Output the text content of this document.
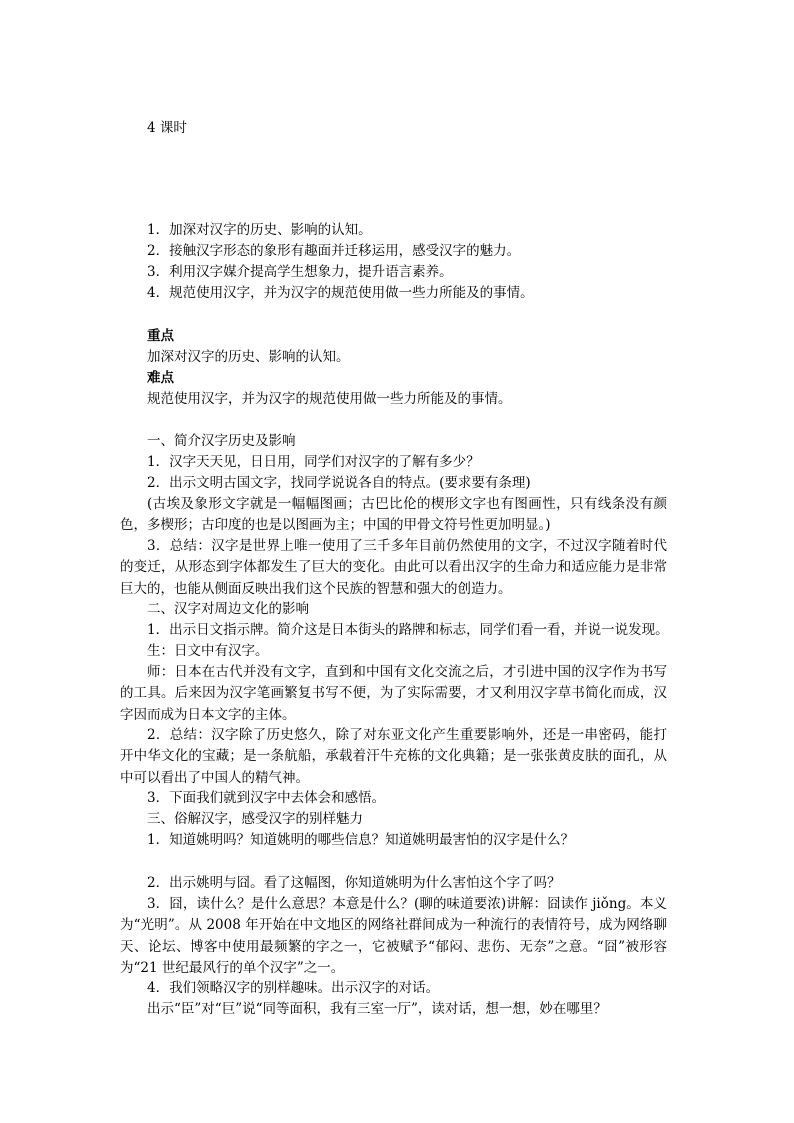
4 课时
1．加深对汉字的历史、影响的认知。
2．接触汉字形态的象形有趣面并迁移运用，感受汉字的魅力。
3．利用汉字媒介提高学生想象力，提升语言素养。
4．规范使用汉字，并为汉字的规范使用做一些力所能及的事情。
重点
加深对汉字的历史、影响的认知。
难点
规范使用汉字，并为汉字的规范使用做一些力所能及的事情。
一、简介汉字历史及影响
1．汉字天天见，日日用，同学们对汉字的了解有多少？
2．出示文明古国文字，找同学说说各自的特点。(要求要有条理)
(古埃及象形文字就是一幅幅图画；古巴比伦的楔形文字也有图画性，只有线条没有颜色，多楔形；古印度的也是以图画为主；中国的甲骨文符号性更加明显。)
3．总结：汉字是世界上唯一使用了三千多年目前仍然使用的文字，不过汉字随着时代的变迁，从形态到字体都发生了巨大的变化。由此可以看出汉字的生命力和适应能力是非常巨大的，也能从侧面反映出我们这个民族的智慧和强大的创造力。
二、汉字对周边文化的影响
1．出示日文指示牌。简介这是日本街头的路牌和标志，同学们看一看，并说一说发现。
生：日文中有汉字。
师：日本在古代并没有文字，直到和中国有文化交流之后，才引进中国的汉字作为书写的工具。后来因为汉字笔画繁复书写不便，为了实际需要，才又利用汉字草书简化而成，汉字因而成为日本文字的主体。
2．总结：汉字除了历史悠久，除了对东亚文化产生重要影响外，还是一串密码，能打开中华文化的宝藏；是一条航船，承载着汗牛充栋的文化典籍；是一张张黄皮肤的面孔，从中可以看出了中国人的精气神。
3．下面我们就到汉字中去体会和感悟。
三、俗解汉字，感受汉字的别样魅力
1．知道姚明吗？知道姚明的哪些信息？知道姚明最害怕的汉字是什么？
2．出示姚明与囧。看了这幅图，你知道姚明为什么害怕这个字了吗？
3．囧，读什么？是什么意思？本意是什么？(聊的味道要浓)讲解：囧读作 jiǒng。本义为“光明”。从 2008 年开始在中文地区的网络社群间成为一种流行的表情符号，成为网络聊天、论坛、博客中使用最频繁的字之一，它被赋予“郁闷、悲伤、无奈”之意。“囧”被形容为“21 世纪最风行的单个汉字”之一。
4．我们领略汉字的别样趣味。出示汉字的对话。
出示“臣”对“巨”说“同等面积，我有三室一厅”，读对话，想一想，妙在哪里？
